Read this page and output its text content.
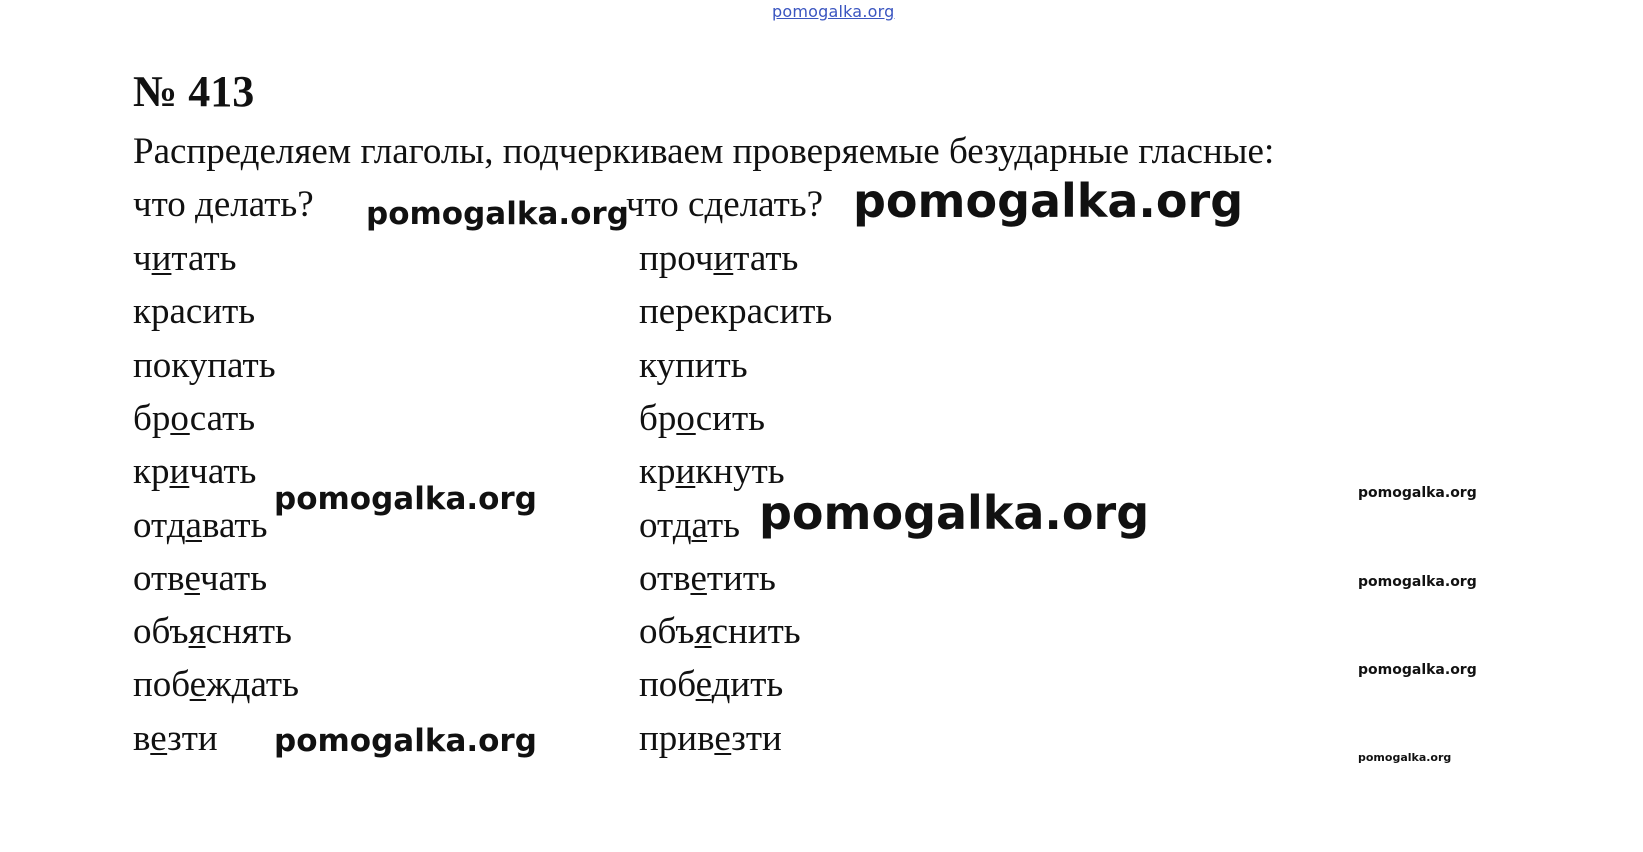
pomogalka.org
№ 413
Распределяем глаголы, подчеркиваем проверяемые безударные гласные:
что делать?	что сделать?
читать	прочитать
красить	перекрасить
покупать	купить
бросать	бросить
кричать	крикнуть
отдавать	отдать
отвечать	ответить
объяснять	объяснить
побеждать	победить
везти	привезти
pomogalka.org	pomogalka.org
pomogalka.org	pomogalka.org
pomogalka.org
pomogalka.org
pomogalka.org
pomogalka.org
pomogalka.org
